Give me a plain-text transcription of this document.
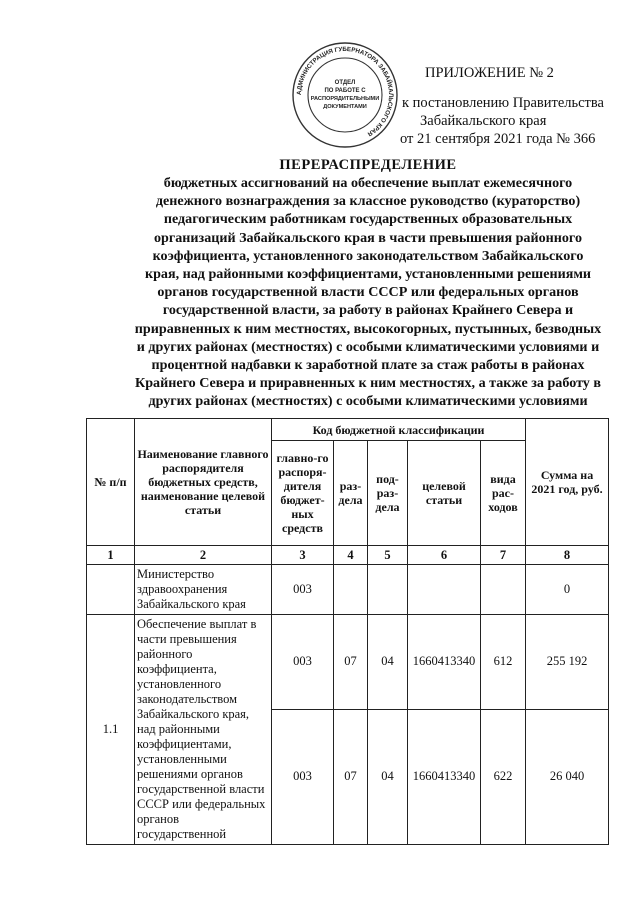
АДМИНИСТРАЦИЯ ГУБЕРНАТОРА ЗАБАЙКАЛЬСКОГО КРАЯ
ОТДЕЛ
ПО РАБОТЕ С
РАСПОРЯДИТЕЛЬНЫМИ
ДОКУМЕНТАМИ
ПРИЛОЖЕНИЕ № 2
к постановлению Правительства
Забайкальского края
от 21 сентября 2021 года № 366
ПЕРЕРАСПРЕДЕЛЕНИЕ
бюджетных ассигнований на обеспечение выплат ежемесячного
денежного вознаграждения за классное руководство (кураторство)
педагогическим работникам государственных образовательных
организаций Забайкальского края в части превышения районного
коэффициента, установленного законодательством Забайкальского
края, над районными коэффициентами, установленными решениями
органов государственной власти СССР или федеральных органов
государственной власти, за работу в районах Крайнего Севера и
приравненных к ним местностях, высокогорных, пустынных, безводных
и других районах (местностях) с особыми климатическими условиями и
процентной надбавки к заработной плате за стаж работы в районах
Крайнего Севера и приравненных к ним местностях, а также за работу в
других районах (местностях) с особыми климатическими условиями
№ п/п	Наименование главного распорядителя бюджетных средств, наименование целевой статьи	Код бюджетной классификации					Сумма на 2021 год, руб.
		главно-го распоря-дителя бюджет-ных средств	раз-дела	под-раз-дела	целевой статьи	вида рас-ходов	
1	2	3	4	5	6	7	8
	Министерство здравоохранения Забайкальского края	003					0
1.1	Обеспечение выплат в части превышения районного коэффициента, установленного законодательством Забайкальского края, над районными коэффициентами, установленными решениями органов государственной власти СССР или федеральных органов государственной	003	07	04	1660413340	612	255 192
		003	07	04	1660413340	622	26 040
